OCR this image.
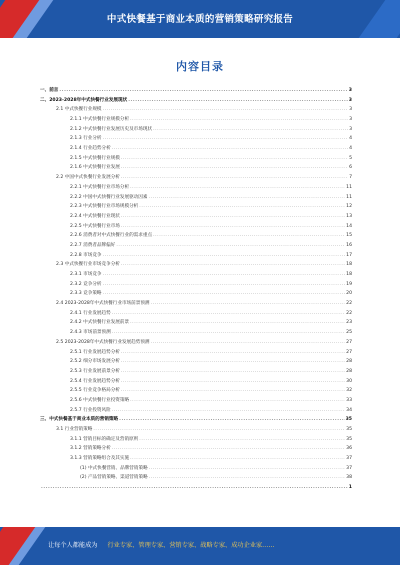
中式快餐基于商业本质的营销策略研究报告
内容目录
一、前言 .....	3
二、2023-2028年中式快餐行业发展现状 .....	3
2.1 中式快餐行业规模 .....	3
2.1.1 中式快餐行业规模分析 .....	3
2.1.2 中式快餐行业发展历史及市场现状 .....	3
2.1.3 行业分析 .....	4
2.1.4 行业趋势分析 .....	4
2.1.5 中式快餐行业规模 .....	5
2.1.6 中式快餐行业发展 .....	6
2.2 中国中式快餐行业发展分析 .....	7
2.2.1 中式快餐行业市场分析 .....	11
2.2.2 中国中式快餐行业发展驱动因素 .....	11
2.2.3 中式快餐行业市场规模分析 .....	12
2.2.4 中式快餐行业现状 .....	13
2.2.5 中式快餐行业市场 .....	14
2.2.6 消费者对中式快餐行业的需求重点 .....	15
2.2.7 消费者品牌偏好 .....	16
2.2.8 市场竞争 .....	17
2.3 中式快餐行业市场竞争分析 .....	18
2.3.1 市场竞争 .....	18
2.3.2 竞争分析 .....	19
2.3.3 竞争策略 .....	20
2.4 2023-2028年中式快餐行业市场前景预测 .....	22
2.4.1 行业发展趋势 .....	22
2.4.2 中式快餐行业发展前景 .....	23
2.4.3 市场前景预测 .....	25
2.5 2023-2028年中式快餐行业发展趋势预测 .....	27
2.5.1 行业发展趋势分析 .....	27
2.5.2 细分市场发展分析 .....	28
2.5.3 行业发展前景分析 .....	28
2.5.4 行业发展趋势分析 .....	30
2.5.5 行业竞争格局分析 .....	32
2.5.6 中式快餐行业投资策略 .....	33
2.5.7 行业投资风险 .....	34
三、中式快餐基于商业本质的营销策略 .....	35
3.1 行业营销策略 .....	35
3.1.1 营销目标的确定及营销原则 .....	35
3.1.2 营销策略分析 .....	36
3.1.3 营销策略组合及其实施 .....	37
(1) 中式快餐营销、品牌营销策略 .....	37
(2) 产品营销策略、渠道营销策略 .....	38
.....
1
让每个人都能成为 行业专家、管理专家、营销专家、战略专家、成功企业家……
